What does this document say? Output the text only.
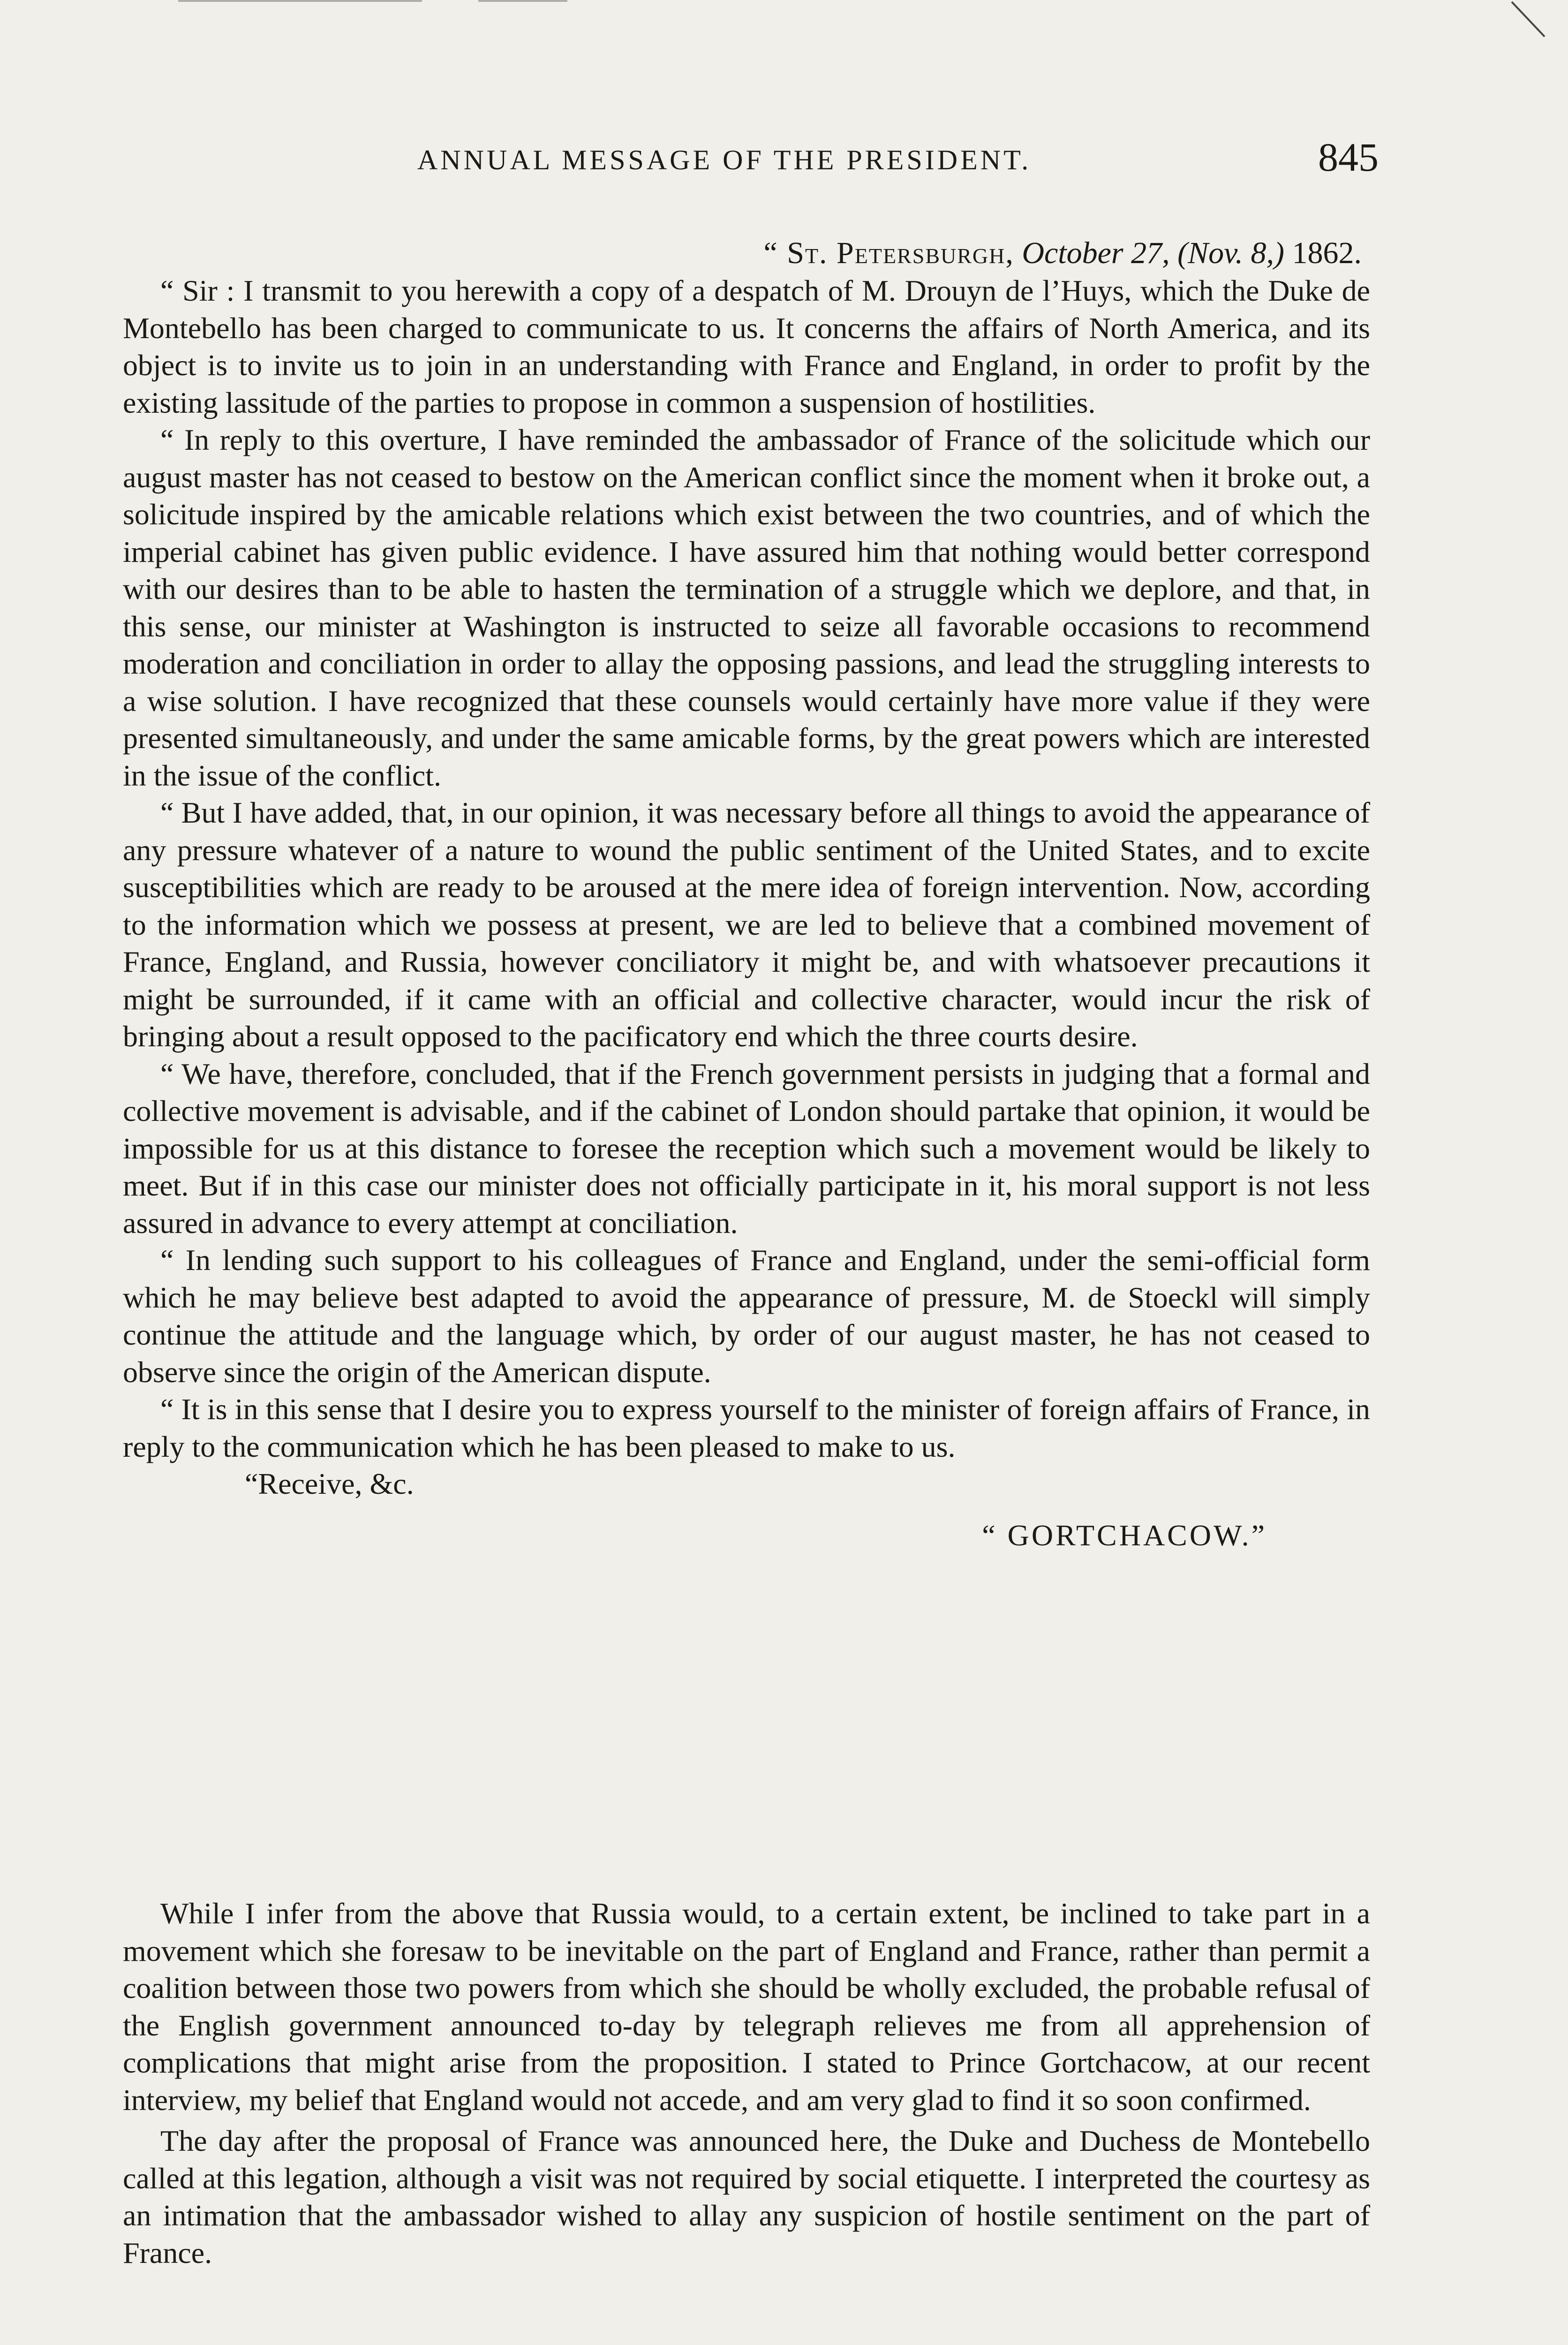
ANNUAL MESSAGE OF THE PRESIDENT.	845
“ St. Petersburgh, October 27, (Nov. 8,) 1862.

“ Sir : I transmit to you herewith a copy of a despatch of M. Drouyn de l’Huys, which the Duke de Montebello has been charged to communicate to us. It concerns the affairs of North America, and its object is to invite us to join in an understanding with France and England, in order to profit by the existing lassitude of the parties to propose in common a suspension of hostilities.

“ In reply to this overture, I have reminded the ambassador of France of the solicitude which our august master has not ceased to bestow on the American conflict since the moment when it broke out, a solicitude inspired by the amicable relations which exist between the two countries, and of which the imperial cabinet has given public evidence. I have assured him that nothing would better correspond with our desires than to be able to hasten the termination of a struggle which we deplore, and that, in this sense, our minister at Washington is instructed to seize all favorable occasions to recommend moderation and conciliation in order to allay the opposing passions, and lead the struggling interests to a wise solution. I have recognized that these counsels would certainly have more value if they were presented simultaneously, and under the same amicable forms, by the great powers which are interested in the issue of the conflict.

“ But I have added, that, in our opinion, it was necessary before all things to avoid the appearance of any pressure whatever of a nature to wound the public sentiment of the United States, and to excite susceptibilities which are ready to be aroused at the mere idea of foreign intervention. Now, according to the information which we possess at present, we are led to believe that a combined movement of France, England, and Russia, however conciliatory it might be, and with whatsoever precautions it might be surrounded, if it came with an official and collective character, would incur the risk of bringing about a result opposed to the pacificatory end which the three courts desire.

“ We have, therefore, concluded, that if the French government persists in judging that a formal and collective movement is advisable, and if the cabinet of London should partake that opinion, it would be impossible for us at this distance to foresee the reception which such a movement would be likely to meet. But if in this case our minister does not officially participate in it, his moral support is not less assured in advance to every attempt at conciliation.

“ In lending such support to his colleagues of France and England, under the semi-official form which he may believe best adapted to avoid the appearance of pressure, M. de Stoeckl will simply continue the attitude and the language which, by order of our august master, he has not ceased to observe since the origin of the American dispute.

“ It is in this sense that I desire you to express yourself to the minister of foreign affairs of France, in reply to the communication which he has been pleased to make to us.

“Receive, &c.

“ GORTCHACOW.”

While I infer from the above that Russia would, to a certain extent, be inclined to take part in a movement which she foresaw to be inevitable on the part of England and France, rather than permit a coalition between those two powers from which she should be wholly excluded, the probable refusal of the English government announced to-day by telegraph relieves me from all apprehension of complications that might arise from the proposition. I stated to Prince Gortchacow, at our recent interview, my belief that England would not accede, and am very glad to find it so soon confirmed.

The day after the proposal of France was announced here, the Duke and Duchess de Montebello called at this legation, although a visit was not required by social etiquette. I interpreted the courtesy as an intimation that the ambassador wished to allay any suspicion of hostile sentiment on the part of France.
